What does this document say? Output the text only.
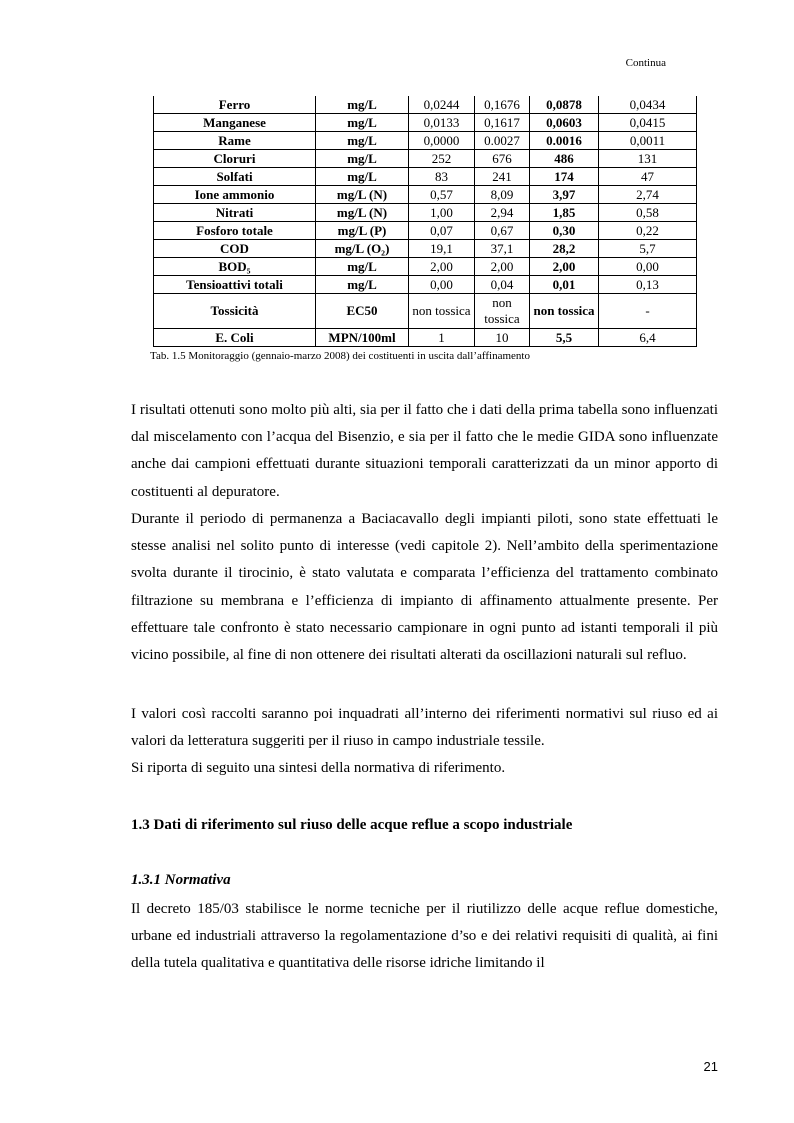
Continua
Ferro	mg/L	0,0244	0,1676	0,0878	0,0434
Manganese	mg/L	0,0133	0,1617	0,0603	0,0415
Rame	mg/L	0,0000	0.0027	0.0016	0,0011
Cloruri	mg/L	252	676	486	131
Solfati	mg/L	83	241	174	47
Ione ammonio	mg/L (N)	0,57	8,09	3,97	2,74
Nitrati	mg/L (N)	1,00	2,94	1,85	0,58
Fosforo totale	mg/L (P)	0,07	0,67	0,30	0,22
COD	mg/L (O₂)	19,1	37,1	28,2	5,7
BOD₅	mg/L	2,00	2,00	2,00	0,00
Tensioattivi totali	mg/L	0,00	0,04	0,01	0,13
Tossicità	EC50	non tossica	non tossica	non tossica	-
E. Coli	MPN/100ml	1	10	5,5	6,4
Tab. 1.5 Monitoraggio (gennaio-marzo 2008) dei costituenti in uscita dall’affinamento
I risultati ottenuti sono molto più alti, sia per il fatto che i dati della prima tabella sono influenzati dal miscelamento con l’acqua del Bisenzio, e sia per il fatto che le medie GIDA sono influenzate anche dai campioni effettuati durante situazioni temporali caratterizzati da un minor apporto di costituenti al depuratore.
Durante il periodo di permanenza a Baciacavallo degli impianti piloti, sono state effettuati le stesse analisi nel solito punto di interesse (vedi capitole 2). Nell’ambito della sperimentazione svolta durante il tirocinio, è stato valutata e comparata l’efficienza del trattamento combinato filtrazione su membrana e l’efficienza di impianto di affinamento attualmente presente. Per effettuare tale confronto è stato necessario campionare in ogni punto ad istanti temporali il più vicino possibile, al fine di non ottenere dei risultati alterati da oscillazioni naturali sul refluo.
I valori così raccolti saranno poi inquadrati all’interno dei riferimenti normativi sul riuso ed ai valori da letteratura suggeriti per il riuso in campo industriale tessile.
Si riporta di seguito una sintesi della normativa di riferimento.
1.3 Dati di riferimento sul riuso delle acque reflue a scopo industriale
1.3.1 Normativa
Il decreto 185/03 stabilisce le norme tecniche per il riutilizzo delle acque reflue domestiche, urbane ed industriali attraverso la regolamentazione d’so e dei relativi requisiti di qualità, ai fini della tutela qualitativa e quantitativa delle risorse idriche limitando il
21
